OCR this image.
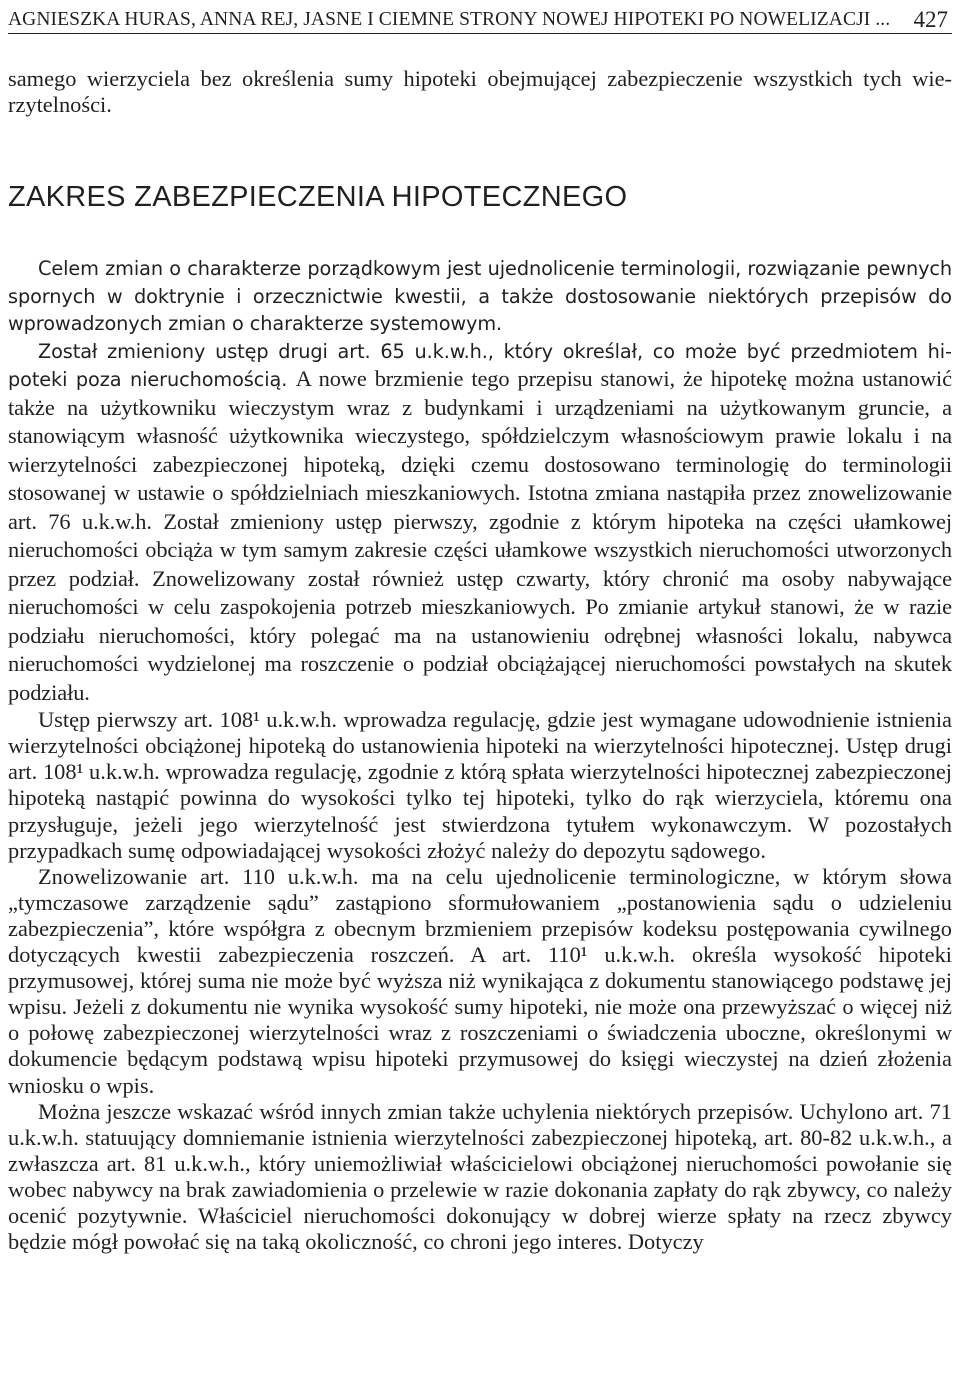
AGNIESZKA HURAS, ANNA REJ, JASNE I CIEMNE STRONY NOWEJ HIPOTEKI PO NOWELIZACJI ... 427

samego wierzyciela bez określenia sumy hipoteki obejmującej zabezpieczenie wszystkich tych wierzytelności.

ZAKRES ZABEZPIECZENIA HIPOTECZNEGO

Celem zmian o charakterze porządkowym jest ujednolicenie terminologii, rozwiązanie pewnych spornych w doktrynie i orzecznictwie kwestii, a także dostosowanie niektórych przepisów do wprowadzonych zmian o charakterze systemowym.

Został zmieniony ustęp drugi art. 65 u.k.w.h., który określał, co może być przedmiotem hipoteki poza nieruchomością. A nowe brzmienie tego przepisu stanowi, że hipotekę można ustanowić także na użytkowniku wieczystym wraz z budynkami i urządzeniami na użytkowanym gruncie, a stanowiącym własność użytkownika wieczystego, spółdzielczym własnościowym prawie lokalu i na wierzytelności zabezpieczonej hipoteką, dzięki czemu dostosowano terminologię do terminologii stosowanej w ustawie o spółdzielniach mieszkaniowych. Istotna zmiana nastąpiła przez znowelizowanie art. 76 u.k.w.h. Został zmieniony ustęp pierwszy, zgodnie z którym hipoteka na części ułamkowej nieruchomości obciąża w tym samym zakresie części ułamkowe wszystkich nieruchomości utworzonych przez podział. Znowelizowany został również ustęp czwarty, który chronić ma osoby nabywające nieruchomości w celu zaspokojenia potrzeb mieszkaniowych. Po zmianie artykuł stanowi, że w razie podziału nieruchomości, który polegać ma na ustanowieniu odrębnej własności lokalu, nabywca nieruchomości wydzielonej ma roszczenie o podział obciążającej nieruchomości powstałych na skutek podziału.

Ustęp pierwszy art. 108¹ u.k.w.h. wprowadza regulację, gdzie jest wymagane udowodnienie istnienia wierzytelności obciążonej hipoteką do ustanowienia hipoteki na wierzytelności hipotecznej. Ustęp drugi art. 108¹ u.k.w.h. wprowadza regulację, zgodnie z którą spłata wierzytelności hipotecznej zabezpieczonej hipoteką nastąpić powinna do wysokości tylko tej hipoteki, tylko do rąk wierzyciela, któremu ona przysługuje, jeżeli jego wierzytelność jest stwierdzona tytułem wykonawczym. W pozostałych przypadkach sumę odpowiadającej wysokości złożyć należy do depozytu sądowego.

Znowelizowanie art. 110 u.k.w.h. ma na celu ujednolicenie terminologiczne, w którym słowa „tymczasowe zarządzenie sądu” zastąpiono sformułowaniem „postanowienia sądu o udzieleniu zabezpieczenia”, które współgra z obecnym brzmieniem przepisów kodeksu postępowania cywilnego dotyczących kwestii zabezpieczenia roszczeń. A art. 110¹ u.k.w.h. określa wysokość hipoteki przymusowej, której suma nie może być wyższa niż wynikająca z dokumentu stanowiącego podstawę jej wpisu. Jeżeli z dokumentu nie wynika wysokość sumy hipoteki, nie może ona przewyższać o więcej niż o połowę zabezpieczonej wierzytelności wraz z roszczeniami o świadczenia uboczne, określonymi w dokumencie będącym podstawą wpisu hipoteki przymusowej do księgi wieczystej na dzień złożenia wniosku o wpis.

Można jeszcze wskazać wśród innych zmian także uchylenia niektórych przepisów. Uchylono art. 71 u.k.w.h. statuujący domniemanie istnienia wierzytelności zabezpieczonej hipoteką, art. 80-82 u.k.w.h., a zwłaszcza art. 81 u.k.w.h., który uniemożliwiał właścicielowi obciążonej nieruchomości powołanie się wobec nabywcy na brak zawiadomienia o przelewie w razie dokonania zapłaty do rąk zbywcy, co należy ocenić pozytywnie. Właściciel nieruchomości dokonujący w dobrej wierze spłaty na rzecz zbywcy będzie mógł powołać się na taką okoliczność, co chroni jego interes. Dotyczy
